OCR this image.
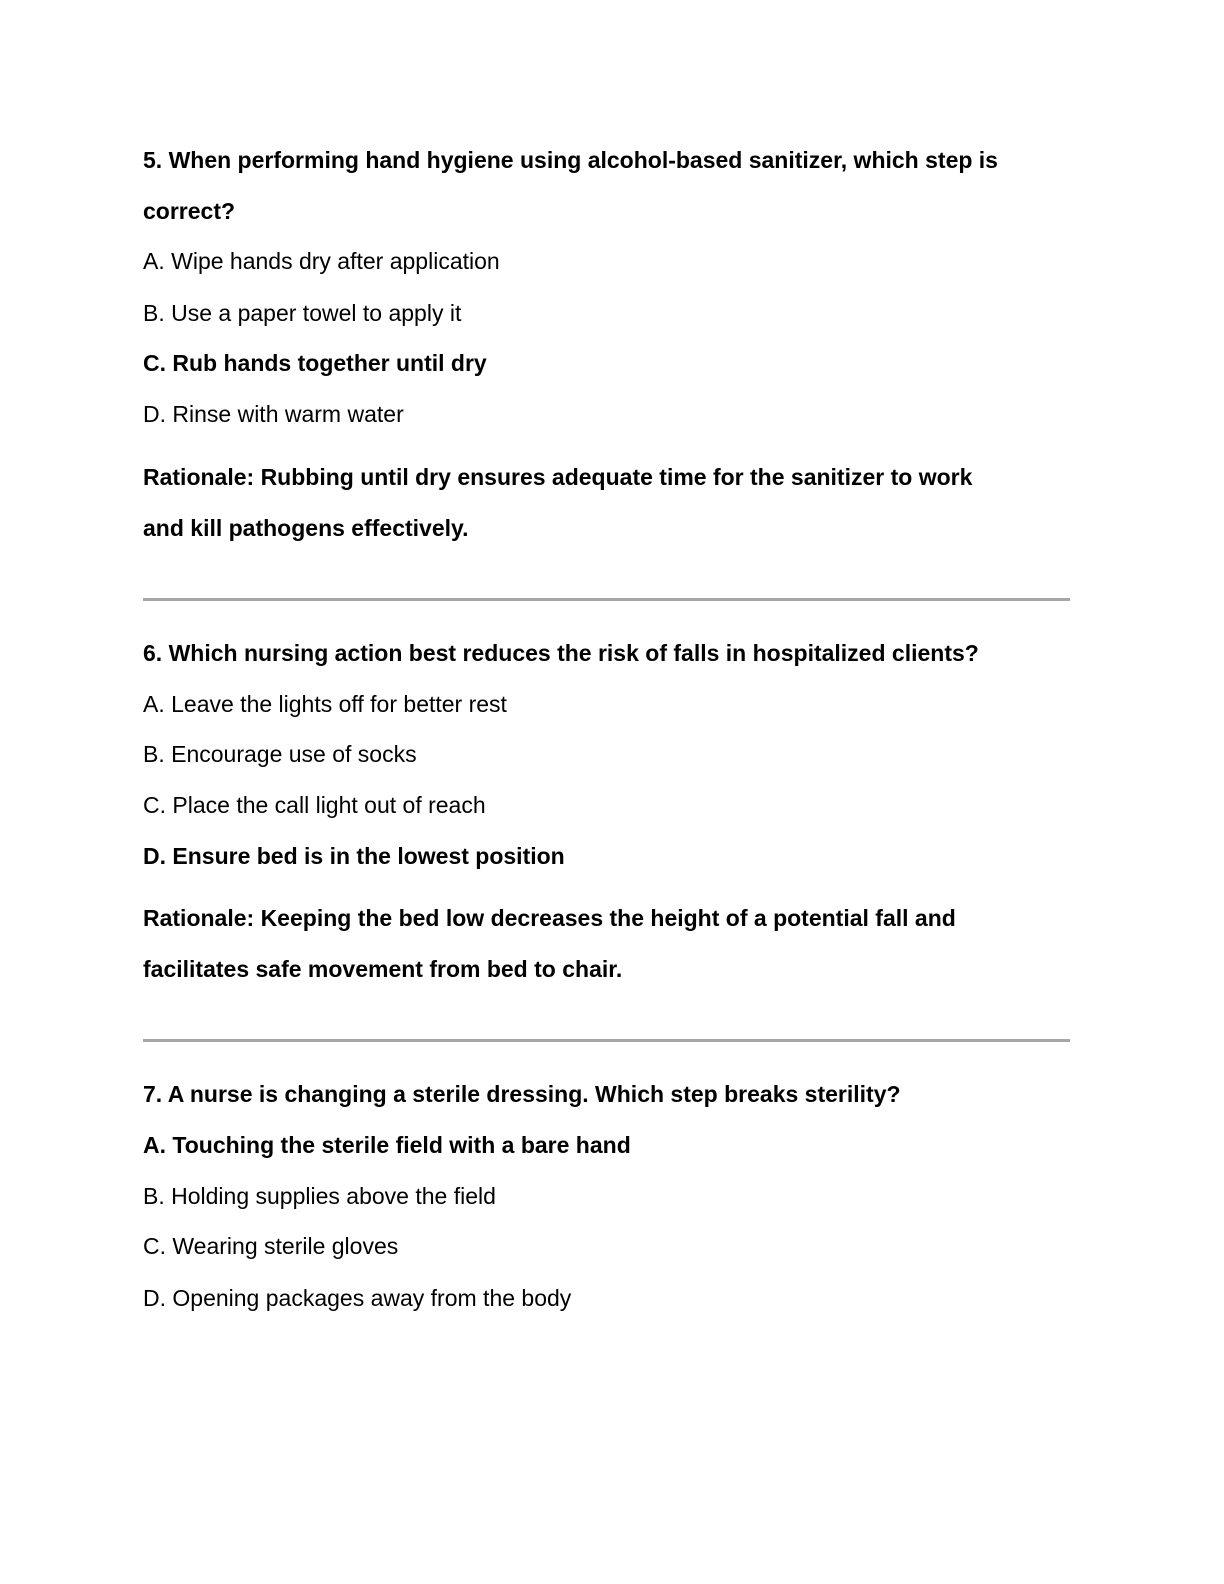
5. When performing hand hygiene using alcohol-based sanitizer, which step is
correct?
A. Wipe hands dry after application
B. Use a paper towel to apply it
C. Rub hands together until dry
D. Rinse with warm water
Rationale: Rubbing until dry ensures adequate time for the sanitizer to work
and kill pathogens effectively.
6. Which nursing action best reduces the risk of falls in hospitalized clients?
A. Leave the lights off for better rest
B. Encourage use of socks
C. Place the call light out of reach
D. Ensure bed is in the lowest position
Rationale: Keeping the bed low decreases the height of a potential fall and
facilitates safe movement from bed to chair.
7. A nurse is changing a sterile dressing. Which step breaks sterility?
A. Touching the sterile field with a bare hand
B. Holding supplies above the field
C. Wearing sterile gloves
D. Opening packages away from the body
